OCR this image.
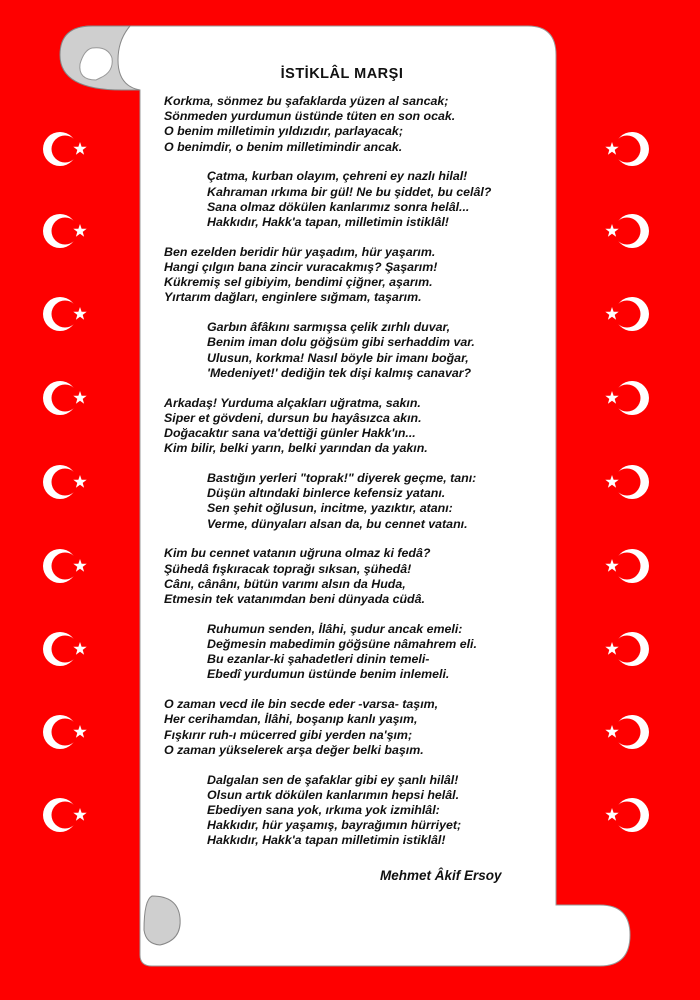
İSTİKLÂL MARŞI
Korkma, sönmez bu şafaklarda yüzen al sancak;
Sönmeden yurdumun üstünde tüten en son ocak.
O benim milletimin yıldızıdır, parlayacak;
O benimdir, o benim milletimindir ancak.
Çatma, kurban olayım, çehreni ey nazlı hilal!
Kahraman ırkıma bir gül! Ne bu şiddet, bu celâl?
Sana olmaz dökülen kanlarımız sonra helâl...
Hakkıdır, Hakk'a tapan, milletimin istiklâl!
Ben ezelden beridir hür yaşadım, hür yaşarım.
Hangi çılgın bana zincir vuracakmış? Şaşarım!
Kükremiş sel gibiyim, bendimi çiğner, aşarım.
Yırtarım dağları, enginlere sığmam, taşarım.
Garbın âfâkını sarmışsa çelik zırhlı duvar,
Benim iman dolu göğsüm gibi serhaddim var.
Ulusun, korkma! Nasıl böyle bir imanı boğar,
'Medeniyet!' dediğin tek dişi kalmış canavar?
Arkadaş! Yurduma alçakları uğratma, sakın.
Siper et gövdeni, dursun bu hayâsızca akın.
Doğacaktır sana va'dettiği günler Hakk'ın...
Kim bilir, belki yarın, belki yarından da yakın.
Bastığın yerleri "toprak!" diyerek geçme, tanı:
Düşün altındaki binlerce kefensiz yatanı.
Sen şehit oğlusun, incitme, yazıktır, atanı:
Verme, dünyaları alsan da, bu cennet vatanı.
Kim bu cennet vatanın uğruna olmaz ki fedâ?
Şühedâ fışkıracak toprağı sıksan, şühedâ!
Cânı, cânânı, bütün varımı alsın da Huda,
Etmesin tek vatanımdan beni dünyada cüdâ.
Ruhumun senden, İlâhi, şudur ancak emeli:
Değmesin mabedimin göğsüne nâmahrem eli.
Bu ezanlar-ki şahadetleri dinin temeli-
Ebedî yurdumun üstünde benim inlemeli.
O zaman vecd ile bin secde eder -varsa- taşım,
Her cerihamdan, İlâhi, boşanıp kanlı yaşım,
Fışkırır ruh-ı mücerred gibi yerden na'şım;
O zaman yükselerek arşa değer belki başım.
Dalgalan sen de şafaklar gibi ey şanlı hilâl!
Olsun artık dökülen kanlarımın hepsi helâl.
Ebediyen sana yok, ırkıma yok izmihlâl:
Hakkıdır, hür yaşamış, bayrağımın hürriyet;
Hakkıdır, Hakk'a tapan milletimin istiklâl!
Mehmet Âkif Ersoy
